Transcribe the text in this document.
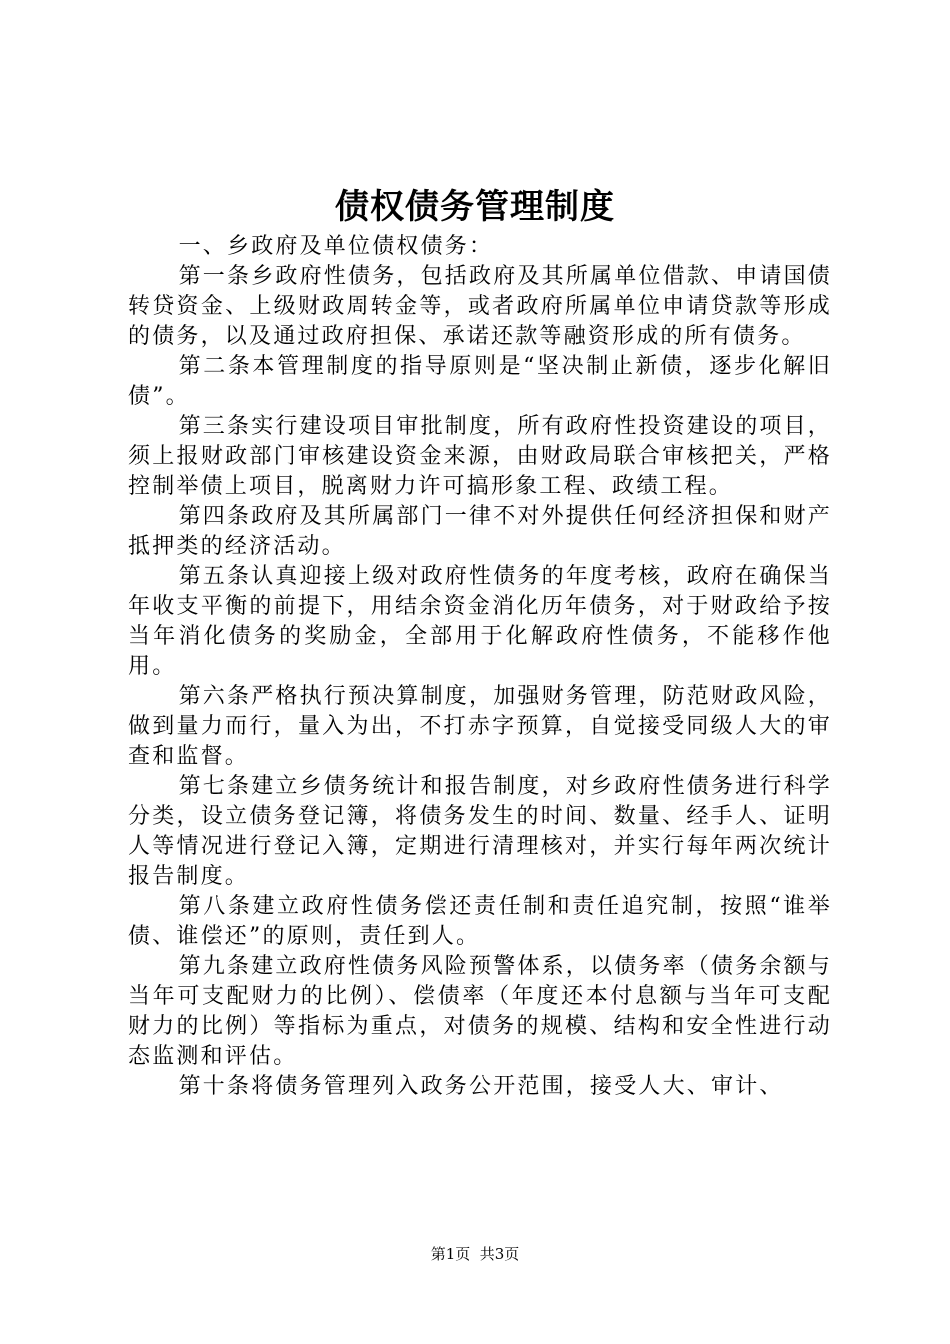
债权债务管理制度

一、乡政府及单位债权债务：

第一条乡政府性债务，包括政府及其所属单位借款、申请国债转贷资金、上级财政周转金等，或者政府所属单位申请贷款等形成的债务，以及通过政府担保、承诺还款等融资形成的所有债务。

第二条本管理制度的指导原则是“坚决制止新债，逐步化解旧债”。

第三条实行建设项目审批制度，所有政府性投资建设的项目，须上报财政部门审核建设资金来源，由财政局联合审核把关，严格控制举债上项目，脱离财力许可搞形象工程、政绩工程。

第四条政府及其所属部门一律不对外提供任何经济担保和财产抵押类的经济活动。

第五条认真迎接上级对政府性债务的年度考核，政府在确保当年收支平衡的前提下，用结余资金消化历年债务，对于财政给予按当年消化债务的奖励金，全部用于化解政府性债务，不能移作他用。

第六条严格执行预决算制度，加强财务管理，防范财政风险，做到量力而行，量入为出，不打赤字预算，自觉接受同级人大的审查和监督。

第七条建立乡债务统计和报告制度，对乡政府性债务进行科学分类，设立债务登记簿，将债务发生的时间、数量、经手人、证明人等情况进行登记入簿，定期进行清理核对，并实行每年两次统计报告制度。

第八条建立政府性债务偿还责任制和责任追究制，按照“谁举债、谁偿还”的原则，责任到人。

第九条建立政府性债务风险预警体系，以债务率（债务余额与当年可支配财力的比例）、偿债率（年度还本付息额与当年可支配财力的比例）等指标为重点，对债务的规模、结构和安全性进行动态监测和评估。

第十条将债务管理列入政务公开范围，接受人大、审计、

第1页  共3页
